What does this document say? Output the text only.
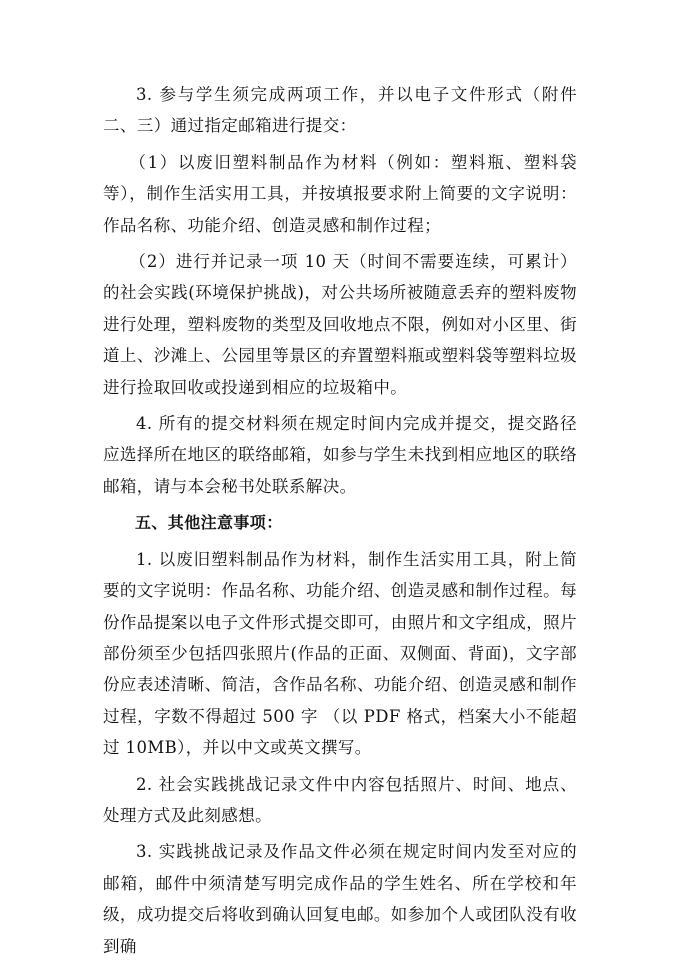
3. 参与学生须完成两项工作，并以电子文件形式（附件二、三）通过指定邮箱进行提交：

（1）以废旧塑料制品作为材料（例如：塑料瓶、塑料袋等），制作生活实用工具，并按填报要求附上简要的文字说明：作品名称、功能介绍、创造灵感和制作过程；

（2）进行并记录一项 10 天（时间不需要连续，可累计）的社会实践(环境保护挑战)，对公共场所被随意丢弃的塑料废物进行处理，塑料废物的类型及回收地点不限，例如对小区里、街道上、沙滩上、公园里等景区的弃置塑料瓶或塑料袋等塑料垃圾进行捡取回收或投递到相应的垃圾箱中。

4. 所有的提交材料须在规定时间内完成并提交，提交路径应选择所在地区的联络邮箱，如参与学生未找到相应地区的联络邮箱，请与本会秘书处联系解决。

五、其他注意事项：

1. 以废旧塑料制品作为材料，制作生活实用工具，附上简要的文字说明：作品名称、功能介绍、创造灵感和制作过程。每份作品提案以电子文件形式提交即可，由照片和文字组成，照片部份须至少包括四张照片(作品的正面、双侧面、背面)，文字部份应表述清晰、简洁，含作品名称、功能介绍、创造灵感和制作过程，字数不得超过 500 字 （以 PDF 格式，档案大小不能超过 10MB），并以中文或英文撰写。

2. 社会实践挑战记录文件中内容包括照片、时间、地点、处理方式及此刻感想。

3. 实践挑战记录及作品文件必须在规定时间内发至对应的邮箱，邮件中须清楚写明完成作品的学生姓名、所在学校和年级，成功提交后将收到确认回复电邮。如参加个人或团队没有收到确
